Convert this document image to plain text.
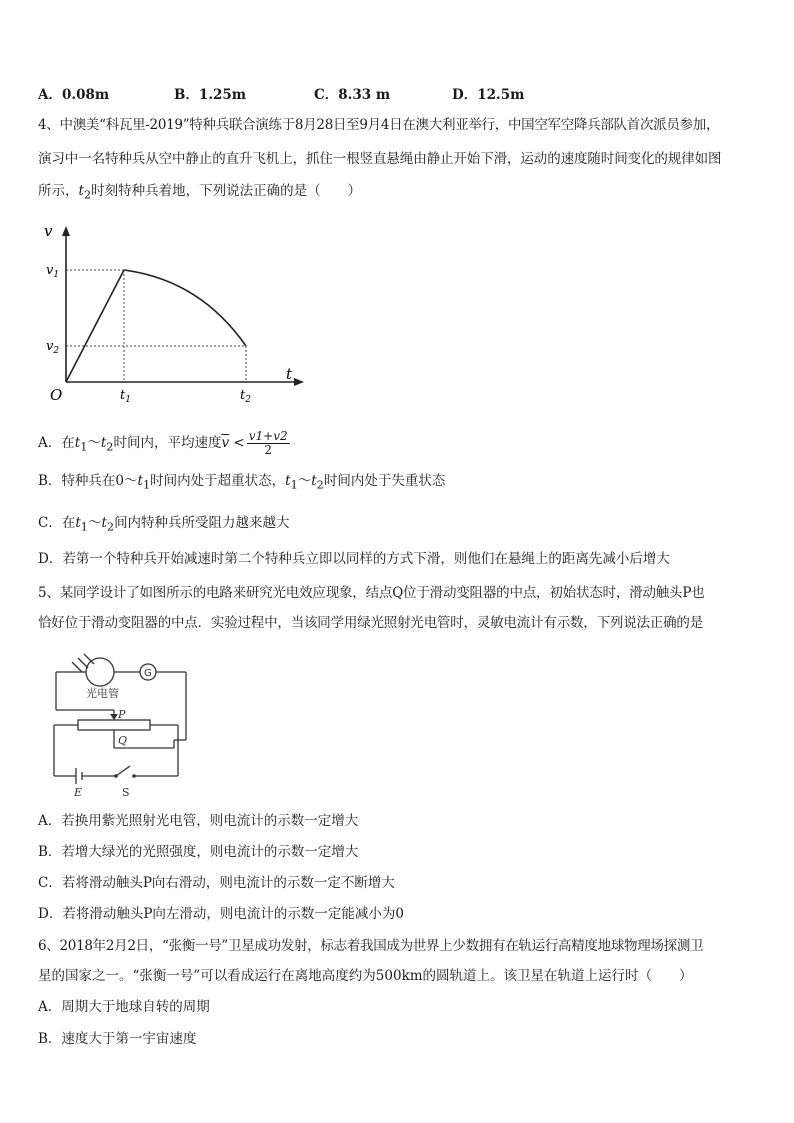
A．0.08m	B．1.25m	C．8.33 m	D．12.5m
4、中澳美“科瓦里-2019”特种兵联合演练于8月28日至9月4日在澳大利亚举行，中国空军空降兵部队首次派员参加，
演习中一名特种兵从空中静止的直升飞机上，抓住一根竖直悬绳由静止开始下滑，运动的速度随时间变化的规律如图
所示，$t_2$时刻特种兵着地，下列说法正确的是（　　）
v
t
O
$v_1$
$v_2$
$t_1$	$t_2$
A．在$t_1\sim t_2$时间内，平均速度$\overline{v} < \frac{v1+v2}{2}$
B．特种兵在$0\sim t_1$时间内处于超重状态，$t_1\sim t_2$时间内处于失重状态
C．在$t_1\sim t_2$间内特种兵所受阻力越来越大
D．若第一个特种兵开始减速时第二个特种兵立即以同样的方式下滑，则他们在悬绳上的距离先减小后增大
5、某同学设计了如图所示的电路来研究光电效应现象，结点Q位于滑动变阻器的中点，初始状态时，滑动触头P也
恰好位于滑动变阻器的中点．实验过程中，当该同学用绿光照射光电管时，灵敏电流计有示数，下列说法正确的是
光电管
G
P
Q
E	S
A．若换用紫光照射光电管，则电流计的示数一定增大
B．若增大绿光的光照强度，则电流计的示数一定增大
C．若将滑动触头P向右滑动，则电流计的示数一定不断增大
D．若将滑动触头P向左滑动，则电流计的示数一定能减小为0
6、2018年2月2日，“张衡一号”卫星成功发射，标志着我国成为世界上少数拥有在轨运行高精度地球物理场探测卫
星的国家之一。“张衡一号”可以看成运行在离地高度约为500km的圆轨道上。该卫星在轨道上运行时（　　）
A．周期大于地球自转的周期
B．速度大于第一宇宙速度
